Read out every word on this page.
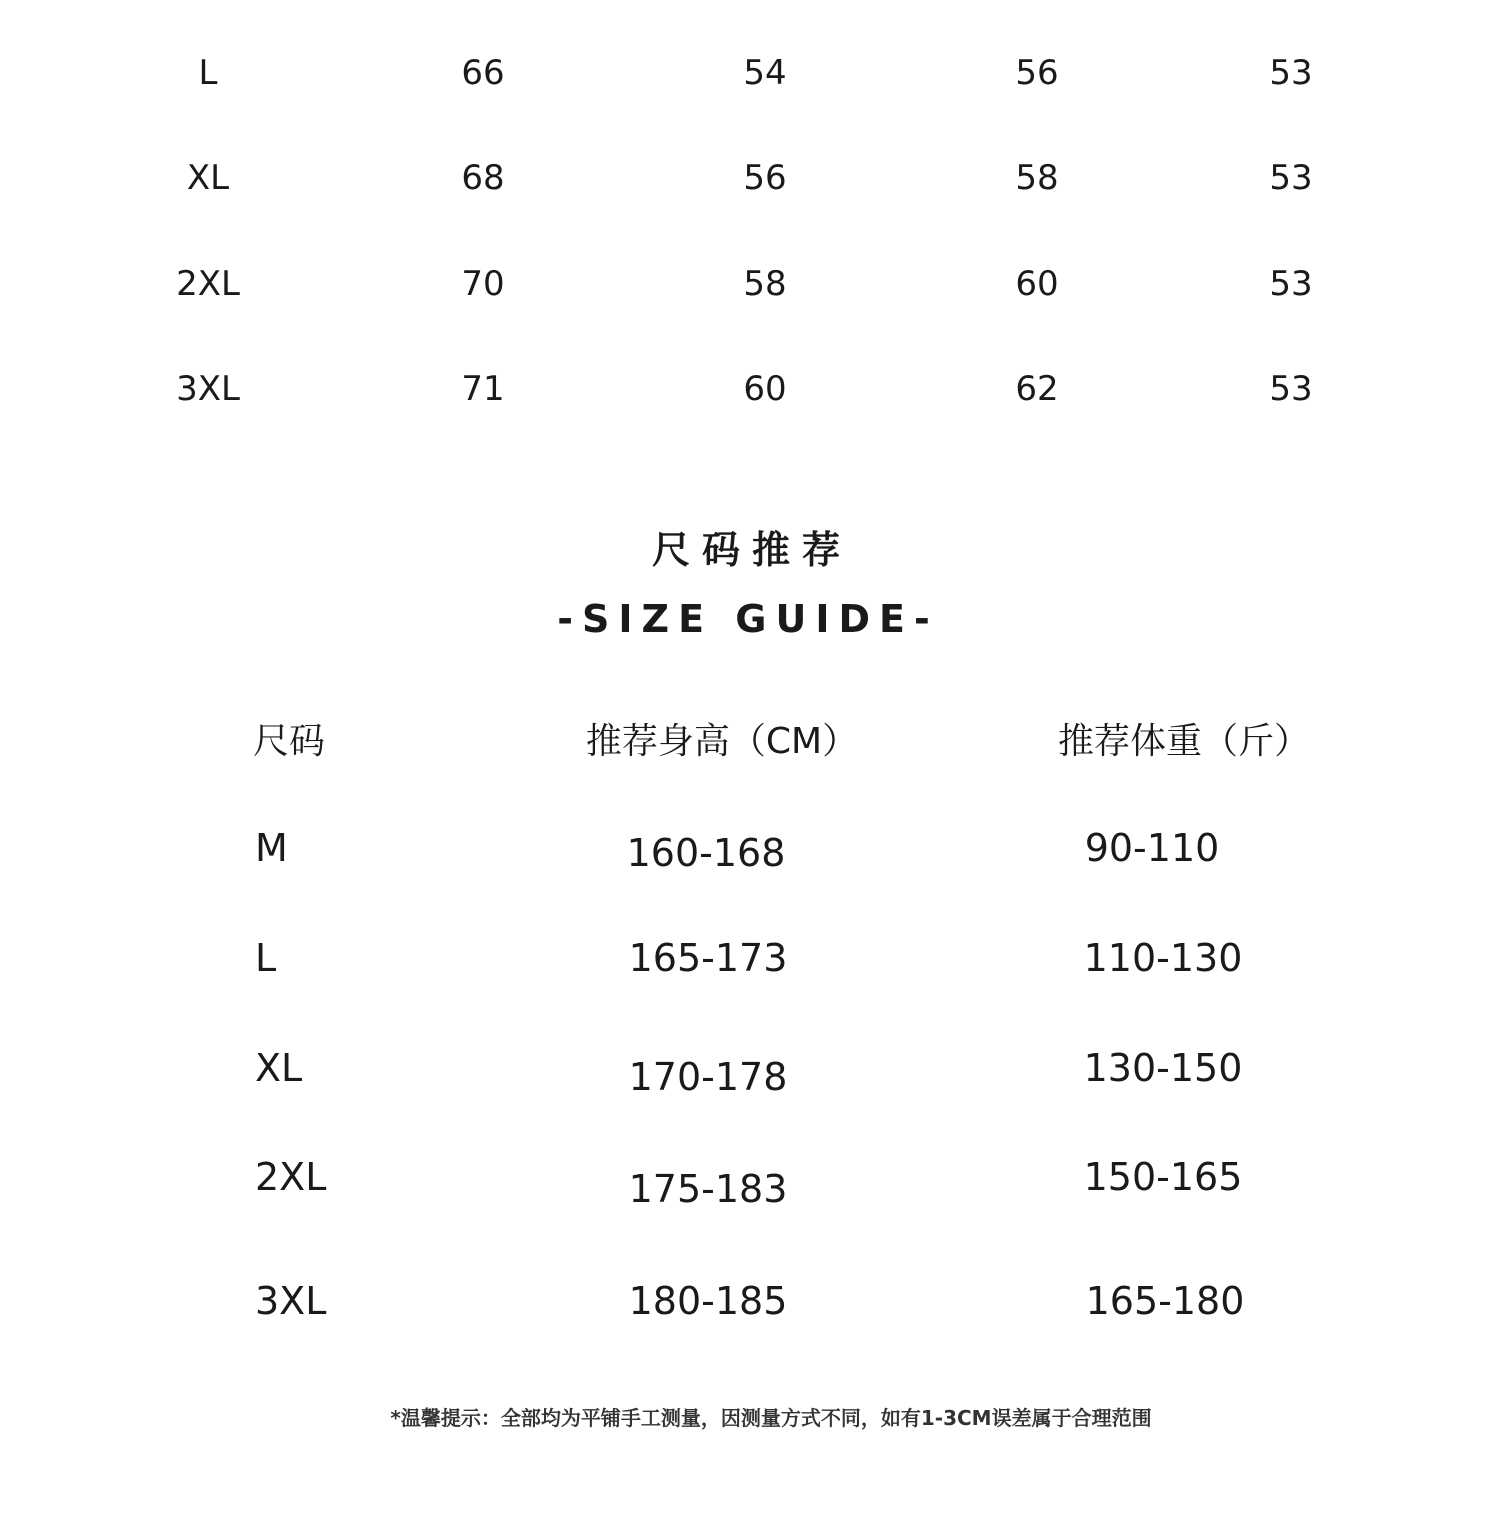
L	66	54	56	53
XL	68	56	58	53
2XL	70	58	60	53
3XL	71	60	62	53
尺码推荐
-SIZE GUIDE-
尺码	推荐身高（CM）	推荐体重（斤）
M	160-168	90-110
L	165-173	110-130
XL	170-178	130-150
2XL	175-183	150-165
3XL	180-185	165-180
*温馨提示：全部均为平铺手工测量，因测量方式不同，如有1-3CM误差属于合理范围
